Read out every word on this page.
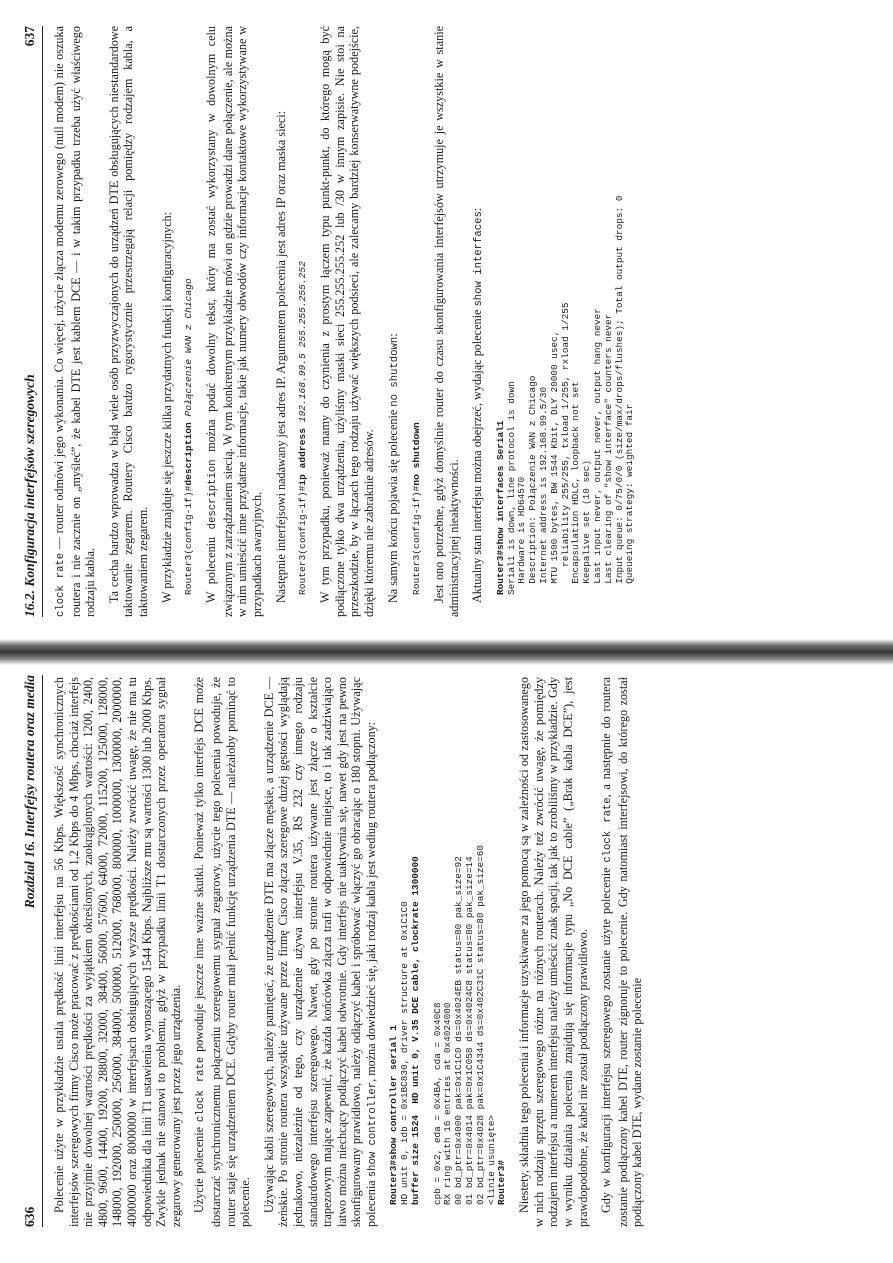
636
Rozdział 16. Interfejsy routera oraz media Polecenie użyte w przykładzie ustala prędkość linii interfejsu na 56 Kbps. Większość synchronicznych interfejsów szeregowych firmy Cisco może pracować z prędkościami od 1,2 Kbps do 4 Mbps, chociaż interfejs nie przyjmie dowolnej wartości prędkości za wyjątkiem określonych, zaokrąglonych wartości: 1200, 2400, 4800, 9600, 14400, 19200, 28800, 32000, 38400, 56000, 57600, 64000, 72000, 115200, 125000, 128000, 148000, 192000, 250000, 256000, 384000, 500000, 512000, 768000, 800000, 1000000, 1300000, 2000000, 4000000 oraz 8000000 w interfejsach obsługujących wyższe prędkości. Należy zwrócić uwagę, że nie ma tu odpowiednika dla linii T1 ustawienia wynoszącego 1544 Kbps. Najbliższe mu są wartości 1300 lub 2000 Kbps. Zwykle jednak nie stanowi to problemu, gdyż w przypadku linii T1 dostarczonych przez operatora sygnał zegarowy generowany jest przez jego urządzenia. Użycie polecenie clock rate powoduje jeszcze inne ważne skutki. Ponieważ tylko interfejs DCE może dostarczać synchronicznemu połączeniu szeregowemu sygnał zegarowy, użycie tego polecenia powoduje, że router staje się urządzeniem DCE. Gdyby router miał pełnić funkcję urządzenia DTE — należałoby pominąć to polecenie. Używając kabli szeregowych, należy pamiętać, że urządzenie DTE ma złącze męskie, a urządzenie DCE — żeńskie. Po stronie routera wszystkie używane przez firmę Cisco złącza szeregowe dużej gęstości wyglądają jednakowo, niezależnie od tego, czy urządzenie używa interfejsu V.35, RS 232 czy innego rodzaju standardowego interfejsu szeregowego. Nawet, gdy po stronie routera używane jest złącze o kształcie trapezowym mające zapewnić, że każda końcówka złącza trafi w odpowiednie miejsce, to i tak zadziwiająco łatwo można niechcący podłączyć kabel odwrotnie. Gdy interfejs nie uaktywnia się, nawet gdy jest na pewno skonfigurowany prawidłowo, należy odłączyć kabel i spróbować włączyć go obracając o 180 stopni. Używając polecenia show controller, można dowiedzieć się, jaki rodzaj kabla jest według routera podłączony:

Router3#show controller serial 1
HD unit 0, idb = 0x1BC830, driver structure at 0x1C1C0
buffer size 1524  HD unit 0, V.35 DCE cable, clockrate 1300000 cpb = 0x2, eda = 0x4BA, cda = 0x40C8
RX ring with 16 entries at 0x4024000
00 bd_ptr=0x4000 pak=0x1C1C0 ds=0x4024EB status=80 pak_size=92
01 bd_ptr=0x4014 pak=0x1C058 ds=0x4024C8 status=80 pak_size=14
02 bd_ptr=0x4028 pak=0x1C4344 ds=0x402C31C status=80 pak_size=60
<linie usunięte>
Router3# Niestety, składnia tego polecenia i informacje uzyskiwane za jego pomocą są w zależności od zastosowanego w nich rodzaju sprzętu szeregowego różne na różnych routerach. Należy też zwrócić uwagę, że pomiędzy rodzajem interfejsu a numerem interfejsu należy umieścić znak spacji, tak jak to zrobiliśmy w przykładzie. Gdy w wyniku działania polecenia znajdują się informacje typu „No DCE cable” („Brak kabla DCE”), jest prawdopodobne, że kabel nie został podłączony prawidłowo. Gdy w konfiguracji interfejsu szeregowego zostanie użyte polecenie clock rate, a następnie do routera zostanie podłączony kabel DTE, router zignoruje to polecenie. Gdy natomiast interfejsowi, do którego został podłączony kabel DTE, wydane zostanie polecenie

16.2. Konfiguracja interfejsów szeregowych
637

clock rate — router odmówi jego wykonania. Co więcej, użycie złącza modemu zerowego (null modem) nie oszuka routera i nie zacznie on „myśleć”, że kabel DTE jest kablem DCE — i w takim przypadku trzeba użyć właściwego rodzaju kabla. Ta cecha bardzo wprowadza w błąd wiele osób przyzwyczajonych do urządzeń DTE obsługujących niestandardowe taktowanie zegarem. Routery Cisco bardzo rygorystycznie przestrzegają relacji pomiędzy rodzajem kabla, a taktowaniem zegarem. W przykładzie znajduje się jeszcze kilka przydatnych funkcji konfiguracyjnych: Router3(config-if)#description Połączenie WAN z Chicago

W poleceniu description można podać dowolny tekst, który ma zostać wykorzystany w dowolnym celu związanym z zarządzaniem siecią. W tym konkretnym przykładzie mówi on gdzie prowadzi dane połączenie, ale można w nim umieścić inne przydatne informacje, takie jak numery obwodów czy informacje kontaktowe wykorzystywane w przypadkach awaryjnych. Następnie interfejsowi nadawany jest adres IP. Argumentem polecenia jest adres IP oraz maska sieci: Router3(config-if)#ip address 192.168.99.5 255.255.255.252 W tym przypadku, ponieważ mamy do czynienia z prostym łączem typu punkt-punkt, do którego mogą być podłączone tylko dwa urządzenia, użyliśmy maski sieci 255.255.255.252 lub /30 w innym zapisie. Nie stoi na przeszkodzie, by w łączach tego rodzaju używać większych podsieci, ale zalecamy bardziej konserwatywne podejście, dzięki któremu nie zabraknie adresów. Na samym końcu pojawia się polecenie no shutdown:

Router3(config-if)#no shutdown Jest ono potrzebne, gdyż domyślnie router do czasu skonfigurowania interfejsów utrzymuje je wszystkie w stanie administracyjnej nieaktywności. Aktualny stan interfejsu można obejrzeć, wydając polecenie show interfaces:

Router3#show interfaces Serial1
Serial1 is down, line protocol is down
Hardware is HD64570
Description: Połączenie WAN z Chicago
Internet address is 192.168.99.5/30
MTU 1500 bytes, BW 1544 Kbit, DLY 20000 usec,
reliability 255/255, txload 1/255, rxload 1/255
Encapsulation HDLC, loopback not set
Keepalive set (10 sec)
Last input never, output never, output hang never
Last clearing of "show interface" counters never
Input queue: 0/75/0/0 (size/max/drops/flushes); Total output drops: 0
Queueing strategy: weighted fair
